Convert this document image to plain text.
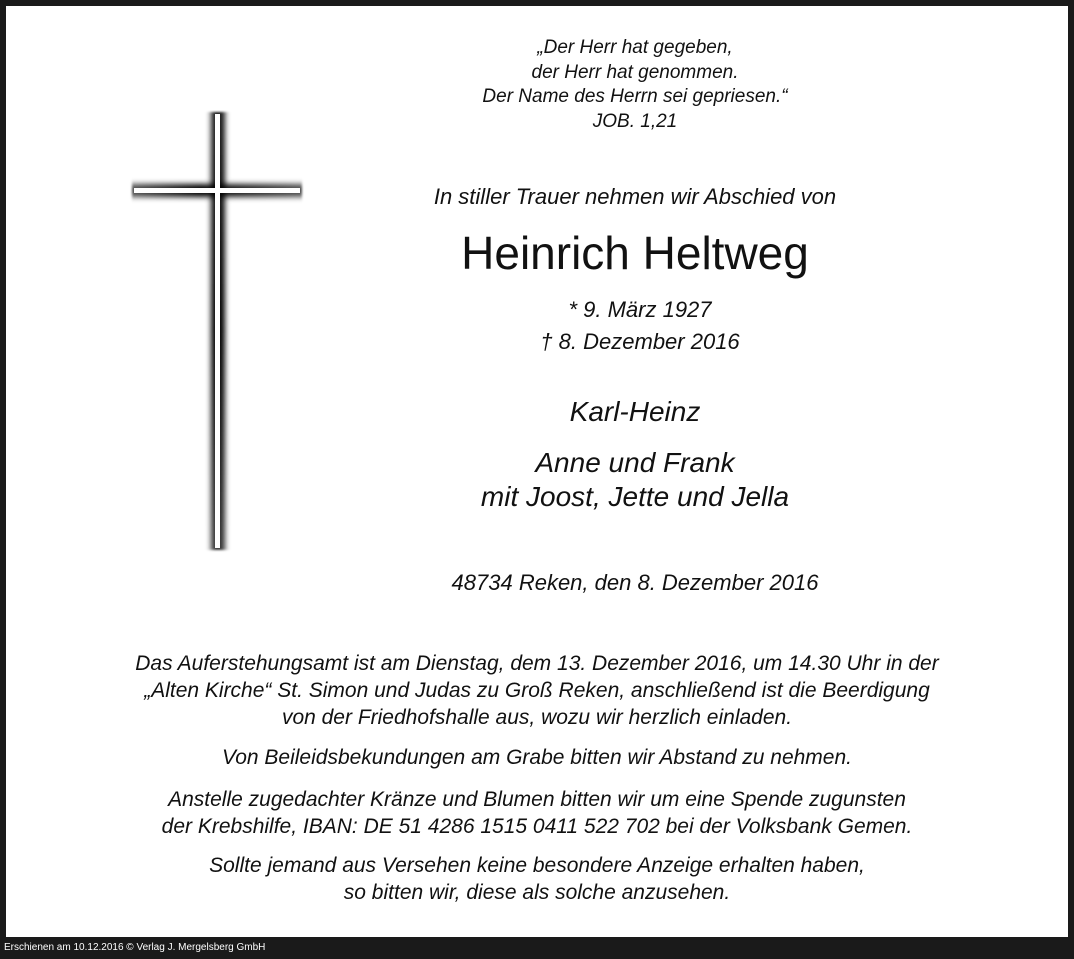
„Der Herr hat gegeben,
der Herr hat genommen.
Der Name des Herrn sei gepriesen.“
JOB. 1,21
In stiller Trauer nehmen wir Abschied von
Heinrich Heltweg
* 9. März 1927
† 8. Dezember 2016
Karl-Heinz
Anne und Frank
mit Joost, Jette und Jella
48734 Reken, den 8. Dezember 2016
Das Auferstehungsamt ist am Dienstag, dem 13. Dezember 2016, um 14.30 Uhr in der
„Alten Kirche“ St. Simon und Judas zu Groß Reken, anschließend ist die Beerdigung
von der Friedhofshalle aus, wozu wir herzlich einladen.
Von Beileidsbekundungen am Grabe bitten wir Abstand zu nehmen.
Anstelle zugedachter Kränze und Blumen bitten wir um eine Spende zugunsten
der Krebshilfe, IBAN: DE 51 4286 1515 0411 522 702 bei der Volksbank Gemen.
Sollte jemand aus Versehen keine besondere Anzeige erhalten haben,
so bitten wir, diese als solche anzusehen.
Erschienen am 10.12.2016 © Verlag J. Mergelsberg GmbH
